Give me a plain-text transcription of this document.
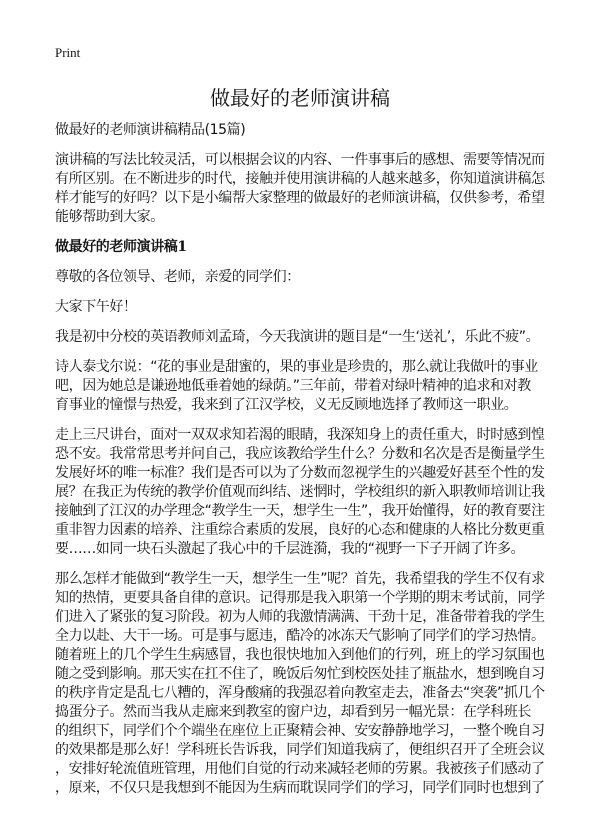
Print
做最好的老师演讲稿
做最好的老师演讲稿精品(15篇)
演讲稿的写法比较灵活，可以根据会议的内容、一件事事后的感想、需要等情况而
有所区别。在不断进步的时代，接触并使用演讲稿的人越来越多，你知道演讲稿怎
样才能写的好吗？以下是小编帮大家整理的做最好的老师演讲稿，仅供参考，希望
能够帮助到大家。
做最好的老师演讲稿1
尊敬的各位领导、老师，亲爱的同学们：
大家下午好！
我是初中分校的英语教师刘孟琦，今天我演讲的题目是“一生‘送礼’，乐此不疲”。
诗人泰戈尔说：“花的事业是甜蜜的，果的事业是珍贵的，那么就让我做叶的事业
吧，因为她总是谦逊地低垂着她的绿荫。”三年前，带着对绿叶精神的追求和对教
育事业的憧憬与热爱，我来到了江汉学校，义无反顾地选择了教师这一职业。
走上三尺讲台，面对一双双求知若渴的眼睛，我深知身上的责任重大，时时感到惶
恐不安。我常常思考并问自己，我应该教给学生什么？分数和名次是否是衡量学生
发展好坏的唯一标准？我们是否可以为了分数而忽视学生的兴趣爱好甚至个性的发
展？在我正为传统的教学价值观而纠结、迷惘时，学校组织的新入职教师培训让我
接触到了江汉的办学理念“教学生一天，想学生一生”，我开始懂得，好的教育要注
重非智力因素的培养、注重综合素质的发展，良好的心态和健康的人格比分数更重
要……如同一块石头激起了我心中的千层涟漪，我的“视野一下子开阔了许多。
那么怎样才能做到“教学生一天，想学生一生”呢？首先，我希望我的学生不仅有求
知的热情，更要具备自律的意识。记得那是我入职第一个学期的期末考试前，同学
们进入了紧张的复习阶段。初为人师的我激情满满、干劲十足，准备带着我的学生
全力以赴、大干一场。可是事与愿违，酷冷的冰冻天气影响了同学们的学习热情。
随着班上的几个学生生病感冒，我也很快地加入到他们的行列，班上的学习氛围也
随之受到影响。那天实在扛不住了，晚饭后匆忙到校医处挂了瓶盐水，想到晚自习
的秩序肯定是乱七八糟的，浑身酸痛的我强忍着向教室走去，准备去“突袭”抓几个
捣蛋分子。然而当我从走廊来到教室的窗户边，却看到另一幅光景：在学科班长
的组织下，同学们个个端坐在座位上正聚精会神、安安静静地学习，一整个晚自习
的效果都是那么好！学科班长告诉我，同学们知道我病了，便组织召开了全班会议
，安排好轮流值班管理，用他们自觉的行动来减轻老师的劳累。我被孩子们感动了
，原来，不仅只是我想到不能因为生病而耽误同学们的学习，同学们同时也想到了
